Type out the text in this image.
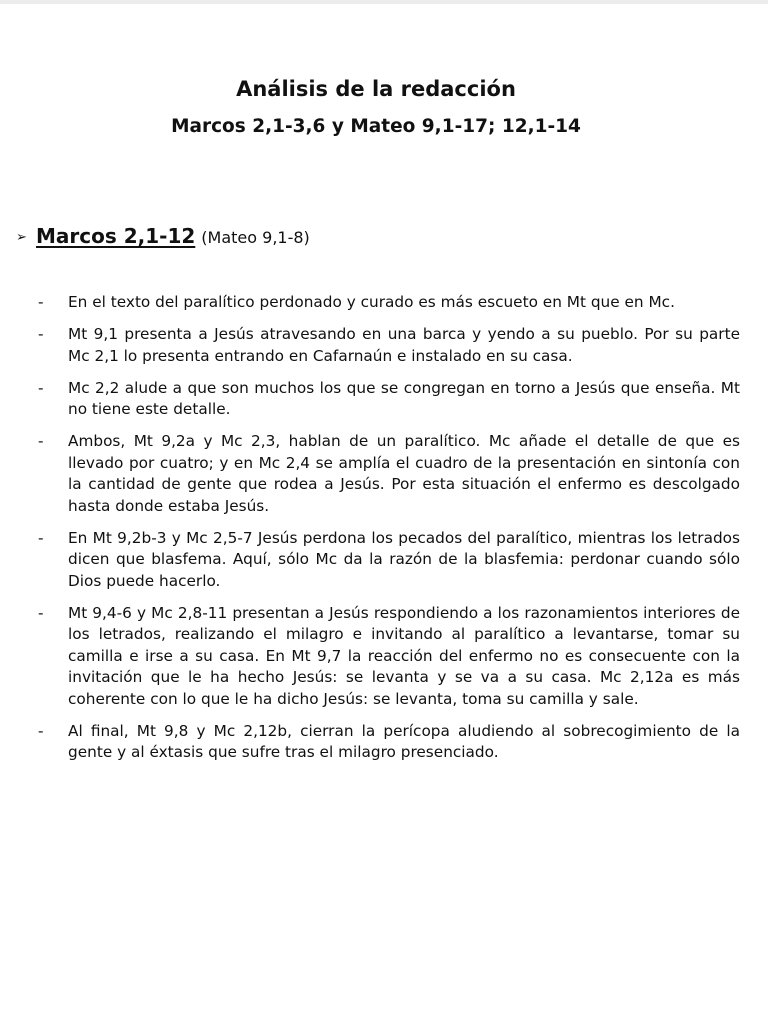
Análisis de la redacción
Marcos 2,1-3,6 y Mateo 9,1-17; 12,1-14
➢ Marcos 2,1-12 (Mateo 9,1-8)
- En el texto del paralítico perdonado y curado es más escueto en Mt que en Mc.
- Mt 9,1 presenta a Jesús atravesando en una barca y yendo a su pueblo. Por su parte Mc 2,1 lo presenta entrando en Cafarnaún e instalado en su casa.
- Mc 2,2 alude a que son muchos los que se congregan en torno a Jesús que enseña. Mt no tiene este detalle.
- Ambos, Mt 9,2a y Mc 2,3, hablan de un paralítico. Mc añade el detalle de que es llevado por cuatro; y en Mc 2,4 se amplía el cuadro de la presentación en sintonía con la cantidad de gente que rodea a Jesús. Por esta situación el enfermo es descolgado hasta donde estaba Jesús.
- En Mt 9,2b-3 y Mc 2,5-7 Jesús perdona los pecados del paralítico, mientras los letrados dicen que blasfema. Aquí, sólo Mc da la razón de la blasfemia: perdonar cuando sólo Dios puede hacerlo.
- Mt 9,4-6 y Mc 2,8-11 presentan a Jesús respondiendo a los razonamientos interiores de los letrados, realizando el milagro e invitando al paralítico a levantarse, tomar su camilla e irse a su casa. En Mt 9,7 la reacción del enfermo no es consecuente con la invitación que le ha hecho Jesús: se levanta y se va a su casa. Mc 2,12a es más coherente con lo que le ha dicho Jesús: se levanta, toma su camilla y sale.
- Al final, Mt 9,8 y Mc 2,12b, cierran la perícopa aludiendo al sobrecogimiento de la gente y al éxtasis que sufre tras el milagro presenciado.
